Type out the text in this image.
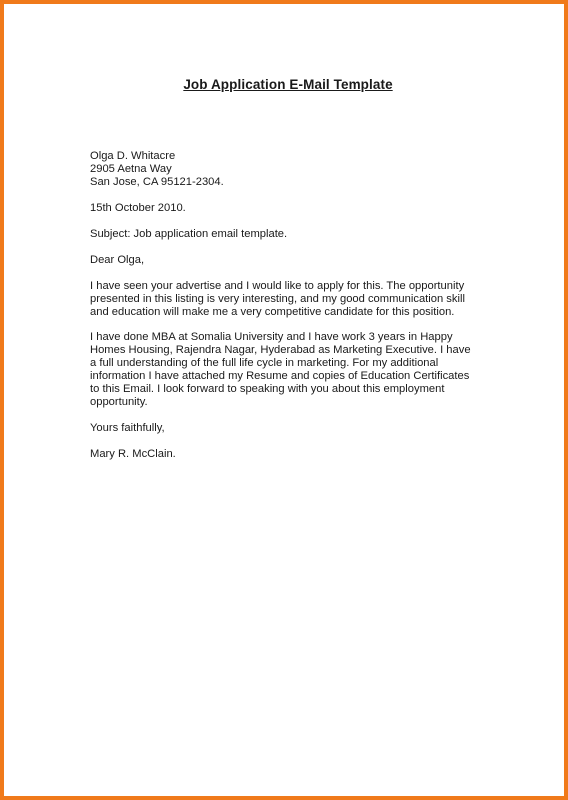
Job Application E-Mail Template
Olga D. Whitacre
2905 Aetna Way
San Jose, CA 95121-2304.
15th October 2010.
Subject: Job application email template.
Dear Olga,
I have seen your advertise and I would like to apply for this. The opportunity
presented in this listing is very interesting, and my good communication skill
and education will make me a very competitive candidate for this position.
I have done MBA at Somalia University and I have work 3 years in Happy
Homes Housing, Rajendra Nagar, Hyderabad as Marketing Executive. I have
a full understanding of the full life cycle in marketing. For my additional
information I have attached my Resume and copies of Education Certificates
to this Email. I look forward to speaking with you about this employment
opportunity.
Yours faithfully,
Mary R. McClain.
